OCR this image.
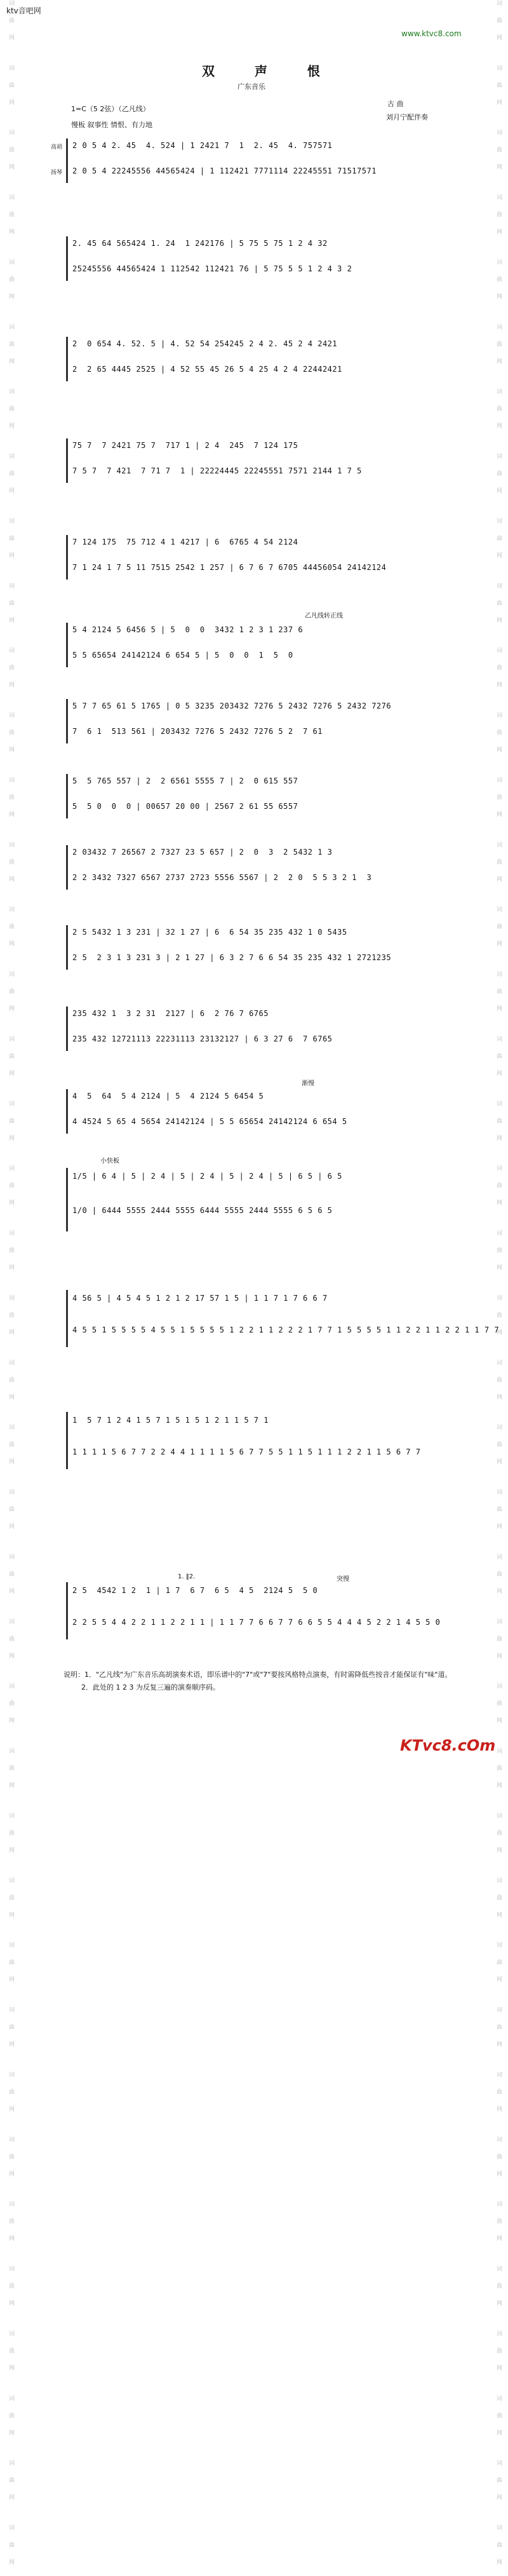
ktv音吧网
www.ktvc8.com
词曲网 词曲网 词曲网 词曲网 词曲网 词曲网 词曲网 词曲网 词曲网 词曲网 词曲网 词曲网 词曲网 词曲网 词曲网 词曲网 词曲网 词曲网 词曲网 词曲网 词曲网 词曲网 词曲网 词曲网 词曲网 词曲网 词曲网 词曲网 词曲网 词曲网 词曲网 词曲网 词曲网 词曲网 词曲网 词曲网 词曲网 词曲网 词曲网 词曲网
词曲网 词曲网 词曲网 词曲网 词曲网 词曲网 词曲网 词曲网 词曲网 词曲网 词曲网 词曲网 词曲网 词曲网 词曲网 词曲网 词曲网 词曲网 词曲网 词曲网 词曲网 词曲网 词曲网 词曲网 词曲网 词曲网 词曲网 词曲网 词曲网 词曲网 词曲网 词曲网 词曲网 词曲网 词曲网 词曲网 词曲网 词曲网 词曲网 词曲网
双 声 恨
广东音乐
1=C（5 2弦）（乙凡线）
慢板 叙事性 情恨、有力地
古 曲
刘月宁配伴奏
乙凡线转正线
渐慢
小快板
1. ‖2.	突慢
高胡
扬琴
2 0 5 4 2. 45  4. 524 | 1 2421 7  1  2. 45  4. 757571
2 0 5 4 22245556 44565424 | 1 112421 7771114 22245551 71517571
2. 45 64 565424 1. 24  1 242176 | 5 75 5 75 1 2 4 32
25245556 44565424 1 112542 112421 76 | 5 75 5 5 1 2 4 3 2
2  0 654 4. 52. 5 | 4. 52 54 254245 2 4 2. 45 2 4 2421
2  2 65 4445 2525 | 4 52 55 45 26 5 4 25 4 2 4 22442421
75 7  7 2421 75 7  717 1 | 2 4  245  7 124 175
7 5 7  7 421  7 71 7  1 | 22224445 22245551 7571 2144 1 7 5
7 124 175  75 712 4 1 4217 | 6  6765 4 54 2124
7 1 24 1 7 5 11 7515 2542 1 257 | 6 7 6 7 6705 44456054 24142124
5 4 2124 5 6456 5 | 5  0  0  3432 1 2 3 1 237 6
5 5 65654 24142124 6 654 5 | 5  0  0  1  5  0
5 7 7 65 61 5 1765 | 0 5 3235 203432 7276 5 2432 7276 5 2432 7276
7  6 1  513 561 | 203432 7276 5 2432 7276 5 2  7 61
5  5 765 557 | 2  2 6561 5555 7 | 2  0 615 557
5  5 0  0  0 | 00657 20 00 | 2567 2 61 55 6557
2 03432 7 26567 2 7327 23 5 657 | 2  0  3  2 5432 1 3
2 2 3432 7327 6567 2737 2723 5556 5567 | 2  2 0  5 5 3 2 1  3
2 5 5432 1 3 231 | 32 1 27 | 6  6 54 35 235 432 1 0 5435
2 5  2 3 1 3 231 3 | 2 1 27 | 6 3 2 7 6 6 54 35 235 432 1 2721235
235 432 1  3 2 31  2127 | 6  2 76 7 6765
235 432 12721113 22231113 23132127 | 6 3 27 6  7 6765
4  5  64  5 4 2124 | 5  4 2124 5 6454 5
4 4524 5 65 4 5654 24142124 | 5 5 65654 24142124 6 654 5
1/5 | 6 4 | 5 | 2 4 | 5 | 2 4 | 5 | 2 4 | 5 | 6 5 | 6 5
1/0 | 6444 5555 2444 5555 6444 5555 2444 5555 6 5 6 5
4 56 5 | 4 5 4 5 1 2 1 2 17 57 1 5 | 1 1 7 1 7 6 6 7
4 5 5 1 5 5 5 5 4 5 5 1 5 5 5 5 1 2 2 1 1 2 2 2 1 7 7 1 5 5 5 5 1 1 2 2 1 1 2 2 1 1 7 7
1  5 7 1 2 4 1 5 7 1 5 1 5 1 2 1 1 5 7 1
1 1 1 1 5 6 7 7 2 2 4 4 1 1 1 1 5 6 7 7 5 5 1 1 5 1 1 1 2 2 1 1 5 6 7 7
2 5  4542 1 2  1 | 1 7  6 7  6 5  4 5  2124 5  5 0
2 2 5 5 4 4 2 2 1 1 2 2 1 1 | 1 1 7 7 6 6 7 7 6 6 5 5 4 4 4 5 2 2 1 4 5 5 0
说明：1．"乙凡线"为广东音乐高胡演奏术语，即乐谱中的"7"或"7"要按风格特点演奏，有时需降低些按音才能保证有"味"道。
2．此处的 1 2 3 为反复三遍的演奏顺序码。
KTvc8.cOm
